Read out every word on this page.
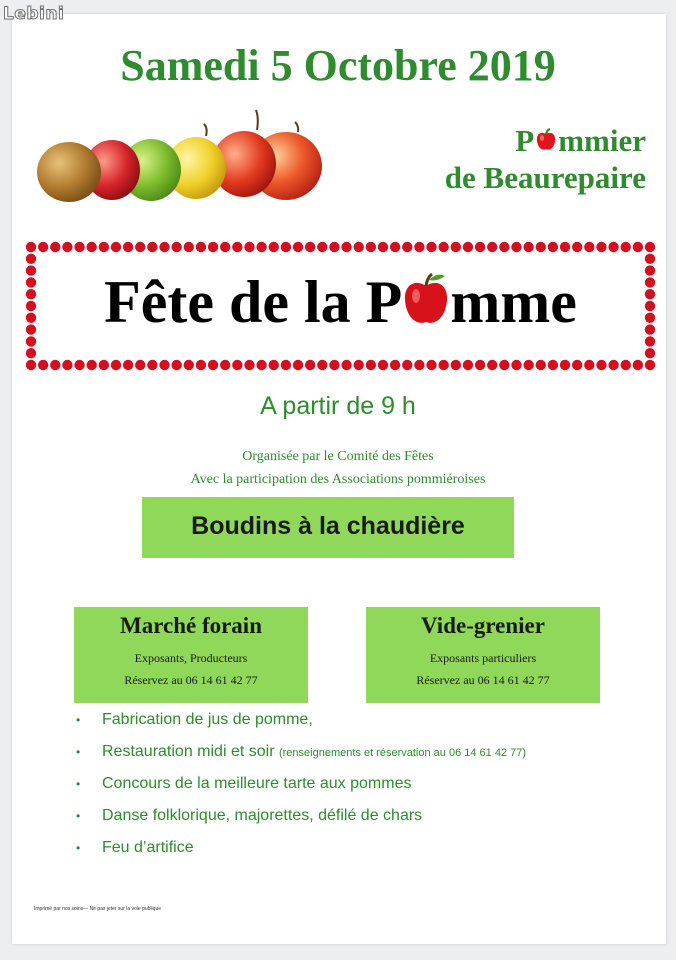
Lebini
Samedi 5 Octobre 2019
P mmier
de Beaurepaire
Fête de la P mme
A partir de 9 h
Organisée par le Comité des Fêtes
Avec la participation des Associations pommiéroises
Boudins à la chaudière
Marché forain
Exposants, Producteurs
Réservez au 06 14 61 42 77
Vide-grenier
Exposants particuliers
Réservez au 06 14 61 42 77
• Fabrication de jus de pomme,
• Restauration midi et soir (renseignements et réservation au 06 14 61 42 77)
• Concours de la meilleure tarte aux pommes
• Danse folklorique, majorettes, défilé de chars
• Feu d’artifice
Imprimé par nos soins— Ne pas jeter sur la voie publique
